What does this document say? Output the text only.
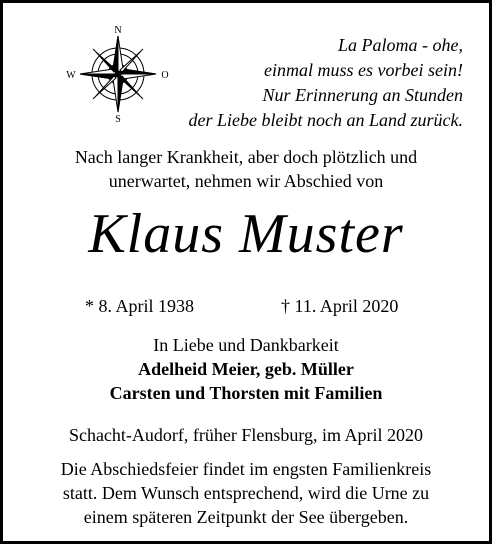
N
S
W	O
La Paloma - ohe,
einmal muss es vorbei sein!
Nur Erinnerung an Stunden
der Liebe bleibt noch an Land zurück.
Nach langer Krankheit, aber doch plötzlich und
unerwartet, nehmen wir Abschied von
Klaus Muster
* 8. April 1938	† 11. April 2020
In Liebe und Dankbarkeit
Adelheid Meier, geb. Müller
Carsten und Thorsten mit Familien
Schacht-Audorf, früher Flensburg, im April 2020
Die Abschiedsfeier findet im engsten Familienkreis
statt. Dem Wunsch entsprechend, wird die Urne zu
einem späteren Zeitpunkt der See übergeben.
